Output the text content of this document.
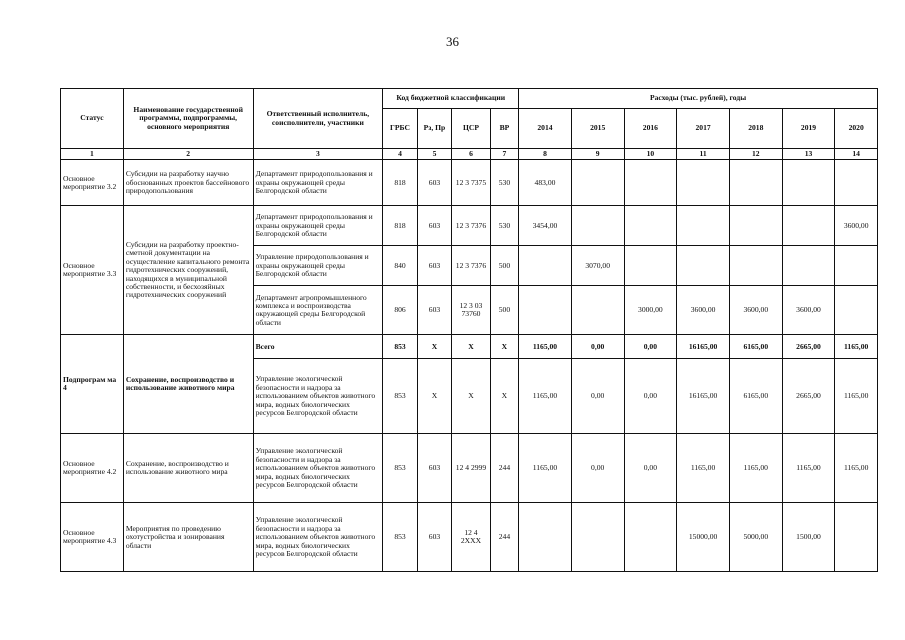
36
Статус	Наименование государственной программы, подпрограммы, основного мероприятия	Ответственный исполнитель, соисполнители, участники	Код бюджетной классификации				Расходы (тыс. рублей), годы						
			ГРБС	Рз, Пр	ЦСР	ВР	2014	2015	2016	2017	2018	2019	2020
1	2	3	4	5	6	7	8	9	10	11	12	13	14
Основное мероприятие 3.2	Субсидии на разработку научно обоснованных проектов бассейнового природопользования	Департамент природопользования и охраны окружающей среды Белгородской области	818	603	12 3 7375	530	483,00						
Основное мероприятие 3.3	Субсидии на разработку проектно-сметной документации на осуществление капитального ремонта гидротехнических сооружений, находящихся в муниципальной собственности, и бесхозяйных гидротехнических сооружений	Департамент природопользования и охраны окружающей среды Белгородской области	818	603	12 3 7376	530	3454,00						3600,00
		Управление природопользования и охраны окружающей среды Белгородской области	840	603	12 3 7376	500		3070,00					
		Департамент агропромышленного комплекса и воспроизводства окружающей среды Белгородской области	806	603	12 3 03 73760	500			3000,00	3600,00	3600,00	3600,00	
Подпрограм ма 4	Сохранение, воспроизводство и использование животного мира	Всего	853	Х	Х	Х	1165,00	0,00	0,00	16165,00	6165,00	2665,00	1165,00
		Управление экологической безопасности и надзора за использованием объектов животного мира, водных биологических ресурсов Белгородской области	853	Х	Х	Х	1165,00	0,00	0,00	16165,00	6165,00	2665,00	1165,00
Основное мероприятие 4.2	Сохранение, воспроизводство и использование животного мира	Управление экологической безопасности и надзора за использованием объектов животного мира, водных биологических ресурсов Белгородской области	853	603	12 4 2999	244	1165,00	0,00	0,00	1165,00	1165,00	1165,00	1165,00
Основное мероприятие 4.3	Мероприятия по проведению охотустройства и зонирования области	Управление экологической безопасности и надзора за использованием объектов животного мира, водных биологических ресурсов Белгородской области	853	603	12 4 2ХХХ	244				15000,00	5000,00	1500,00	
